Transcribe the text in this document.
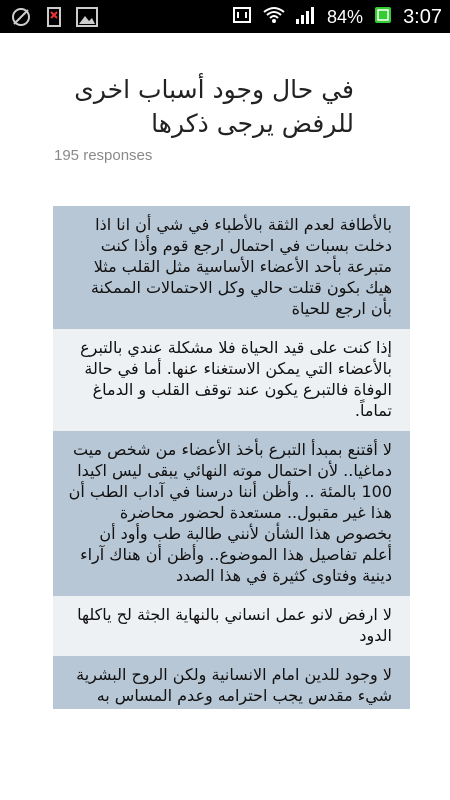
84% 3:07
في حال وجود أسباب اخرى للرفض يرجى ذكرها
195 responses
بالأطافة لعدم الثقة بالأطباء في شي أن انا اذا دخلت بسبات في احتمال ارجع قوم وأذا كنت متبرعة بأحد الأعضاء الأساسية مثل القلب مثلا هيك بكون قتلت حالي وكل الاحتمالات الممكنة بأن ارجع للحياة
إذا كنت على قيد الحياة فلا مشكلة عندي بالتبرع بالأعضاء التي يمكن الاستغناء عنها. أما في حالة الوفاة فالتبرع يكون عند توقف القلب و الدماغ تماماً.
لا أقتنع بمبدأ التبرع بأخذ الأعضاء من شخص ميت دماغيا.. لأن احتمال موته النهائي يبقى ليس اكيدا 100 بالمئة .. وأظن أننا درسنا في آداب الطب أن هذا غير مقبول.. مستعدة لحضور محاضرة بخصوص هذا الشأن لأنني طالبة طب وأود أن أعلم تفاصيل هذا الموضوع.. وأظن أن هناك آراء دينية وفتاوى كثيرة في هذا الصدد
لا ارفض لانو عمل انساني بالنهاية الجثة لح ياكلها الدود
لا وجود للدين امام الانسانية ولكن الروح البشرية شيء مقدس يجب احترامه وعدم المساس به
